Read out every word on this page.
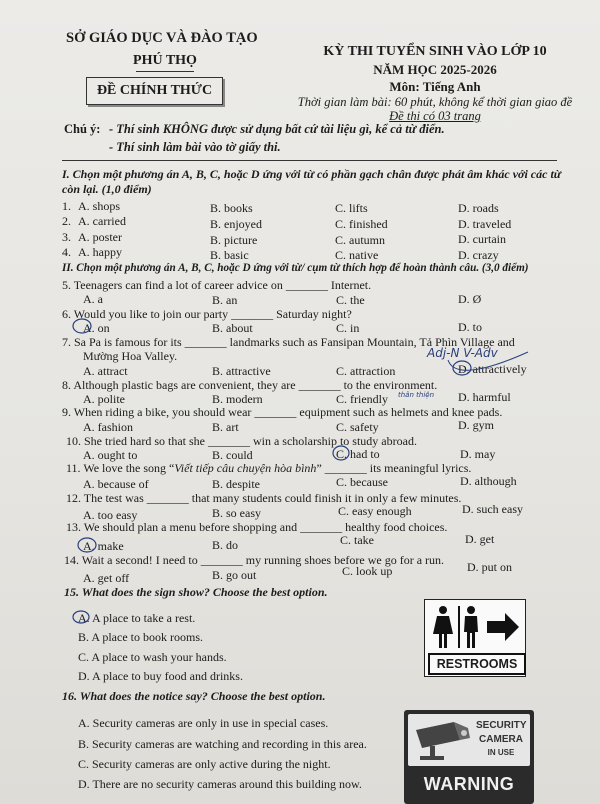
SỞ GIÁO DỤC VÀ ĐÀO TẠO
PHÚ THỌ
ĐỀ CHÍNH THỨC
KỲ THI TUYỂN SINH VÀO LỚP 10
NĂM HỌC 2025-2026
Môn: Tiếng Anh
Thời gian làm bài: 60 phút, không kể thời gian giao đề
Đề thi có 03 trang
Chú ý: - Thí sinh KHÔNG được sử dụng bất cứ tài liệu gì, kể cả từ điển.
- Thí sinh làm bài vào tờ giấy thi.
I. Chọn một phương án A, B, C, hoặc D ứng với từ có phần gạch chân được phát âm khác với các từ
còn lại. (1,0 điểm)
1. A. shops	B. books	C. lifts	D. roads
2. A. carried	B. enjoyed	C. finished	D. traveled
3. A. poster	B. picture	C. autumn	D. curtain
4. A. happy	B. basic	C. native	D. crazy
II. Chọn một phương án A, B, C, hoặc D ứng với từ/ cụm từ thích hợp để hoàn thành câu. (3,0 điểm)
5. Teenagers can find a lot of career advice on _______ Internet.
A. a	B. an	C. the	D. Ø
6. Would you like to join our party _______ Saturday night?
A. on	B. about	C. in	D. to
7. Sa Pa is famous for its _______ landmarks such as Fansipan Mountain, Tả Phìn Village and
Mường Hoa Valley.
A. attract	B. attractive	C. attraction	D. attractively
Adj-N V-Adv
8. Although plastic bags are convenient, they are _______ to the environment.
A. polite	B. modern	C. friendly	D. harmful
thân thiện
9. When riding a bike, you should wear _______ equipment such as helmets and knee pads.
A. fashion	B. art	C. safety	D. gym
10. She tried hard so that she _______ win a scholarship to study abroad.
A. ought to	B. could	C. had to	D. may
11. We love the song “Viết tiếp câu chuyện hòa bình” _______ its meaningful lyrics.
A. because of	B. despite	C. because	D. although
12. The test was _______ that many students could finish it in only a few minutes.
A. too easy	B. so easy	C. easy enough	D. such easy
13. We should plan a menu before shopping and _______ healthy food choices.
A. make	B. do	C. take	D. get
14. Wait a second! I need to _______ my running shoes before we go for a run.
A. get off	B. go out	C. look up	D. put on
15. What does the sign show? Choose the best option.
A. A place to take a rest.
B. A place to book rooms.
C. A place to wash your hands.
D. A place to buy food and drinks.
RESTROOMS
16. What does the notice say? Choose the best option.
A. Security cameras are only in use in special cases.
B. Security cameras are watching and recording in this area.
C. Security cameras are only active during the night.
D. There are no security cameras around this building now.
SECURITY
CAMERA
IN USE
WARNING
